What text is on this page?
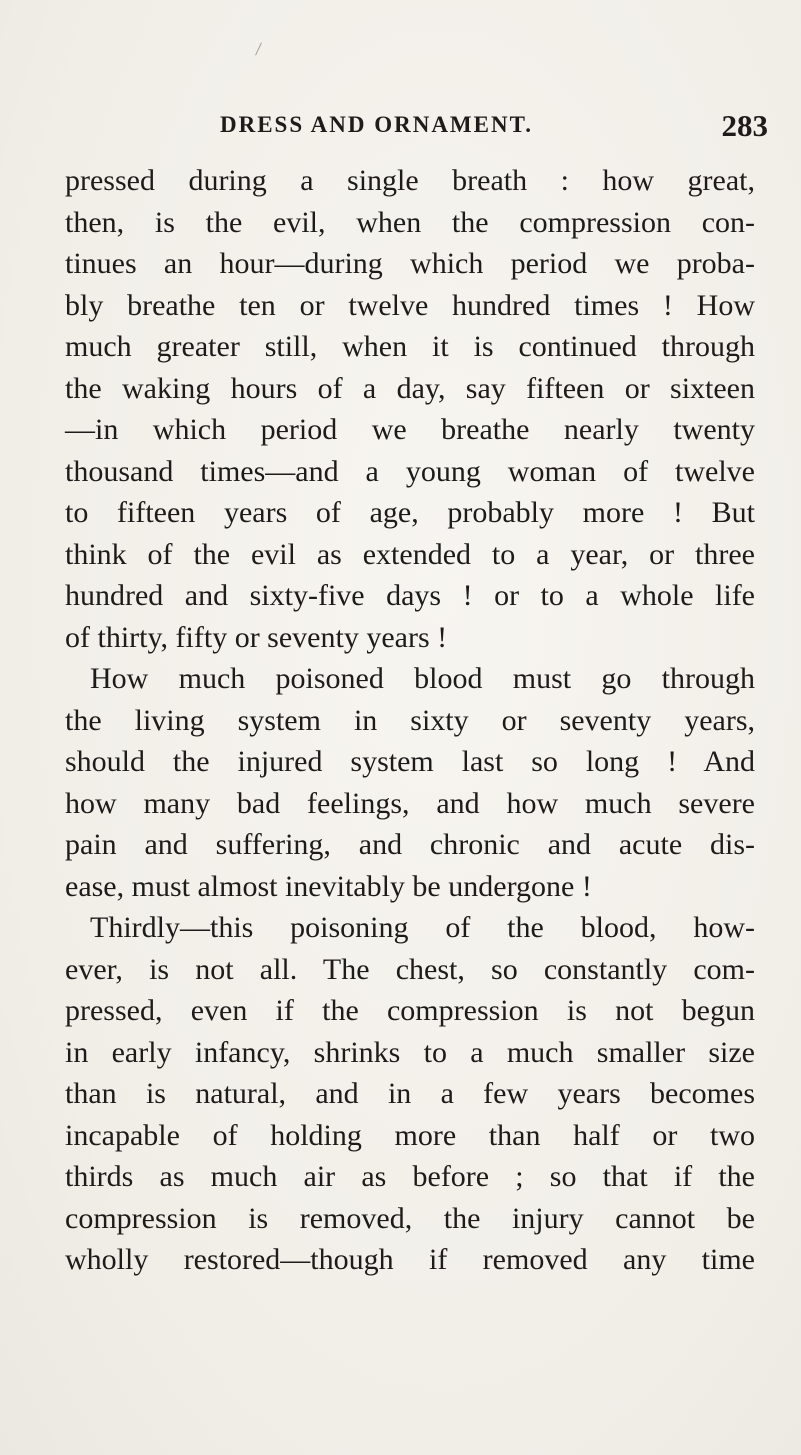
DRESS AND ORNAMENT.	283
pressed during a single breath : how great,
then, is the evil, when the compression con-
tinues an hour—during which period we proba-
bly breathe ten or twelve hundred times ! How
much greater still, when it is continued through
the waking hours of a day, say fifteen or sixteen
—in which period we breathe nearly twenty
thousand times—and a young woman of twelve
to fifteen years of age, probably more ! But
think of the evil as extended to a year, or three
hundred and sixty-five days ! or to a whole life
of thirty, fifty or seventy years !
How much poisoned blood must go through
the living system in sixty or seventy years,
should the injured system last so long ! And
how many bad feelings, and how much severe
pain and suffering, and chronic and acute dis-
ease, must almost inevitably be undergone !
Thirdly—this poisoning of the blood, how-
ever, is not all. The chest, so constantly com-
pressed, even if the compression is not begun
in early infancy, shrinks to a much smaller size
than is natural, and in a few years becomes
incapable of holding more than half or two
thirds as much air as before ; so that if the
compression is removed, the injury cannot be
wholly restored—though if removed any time
